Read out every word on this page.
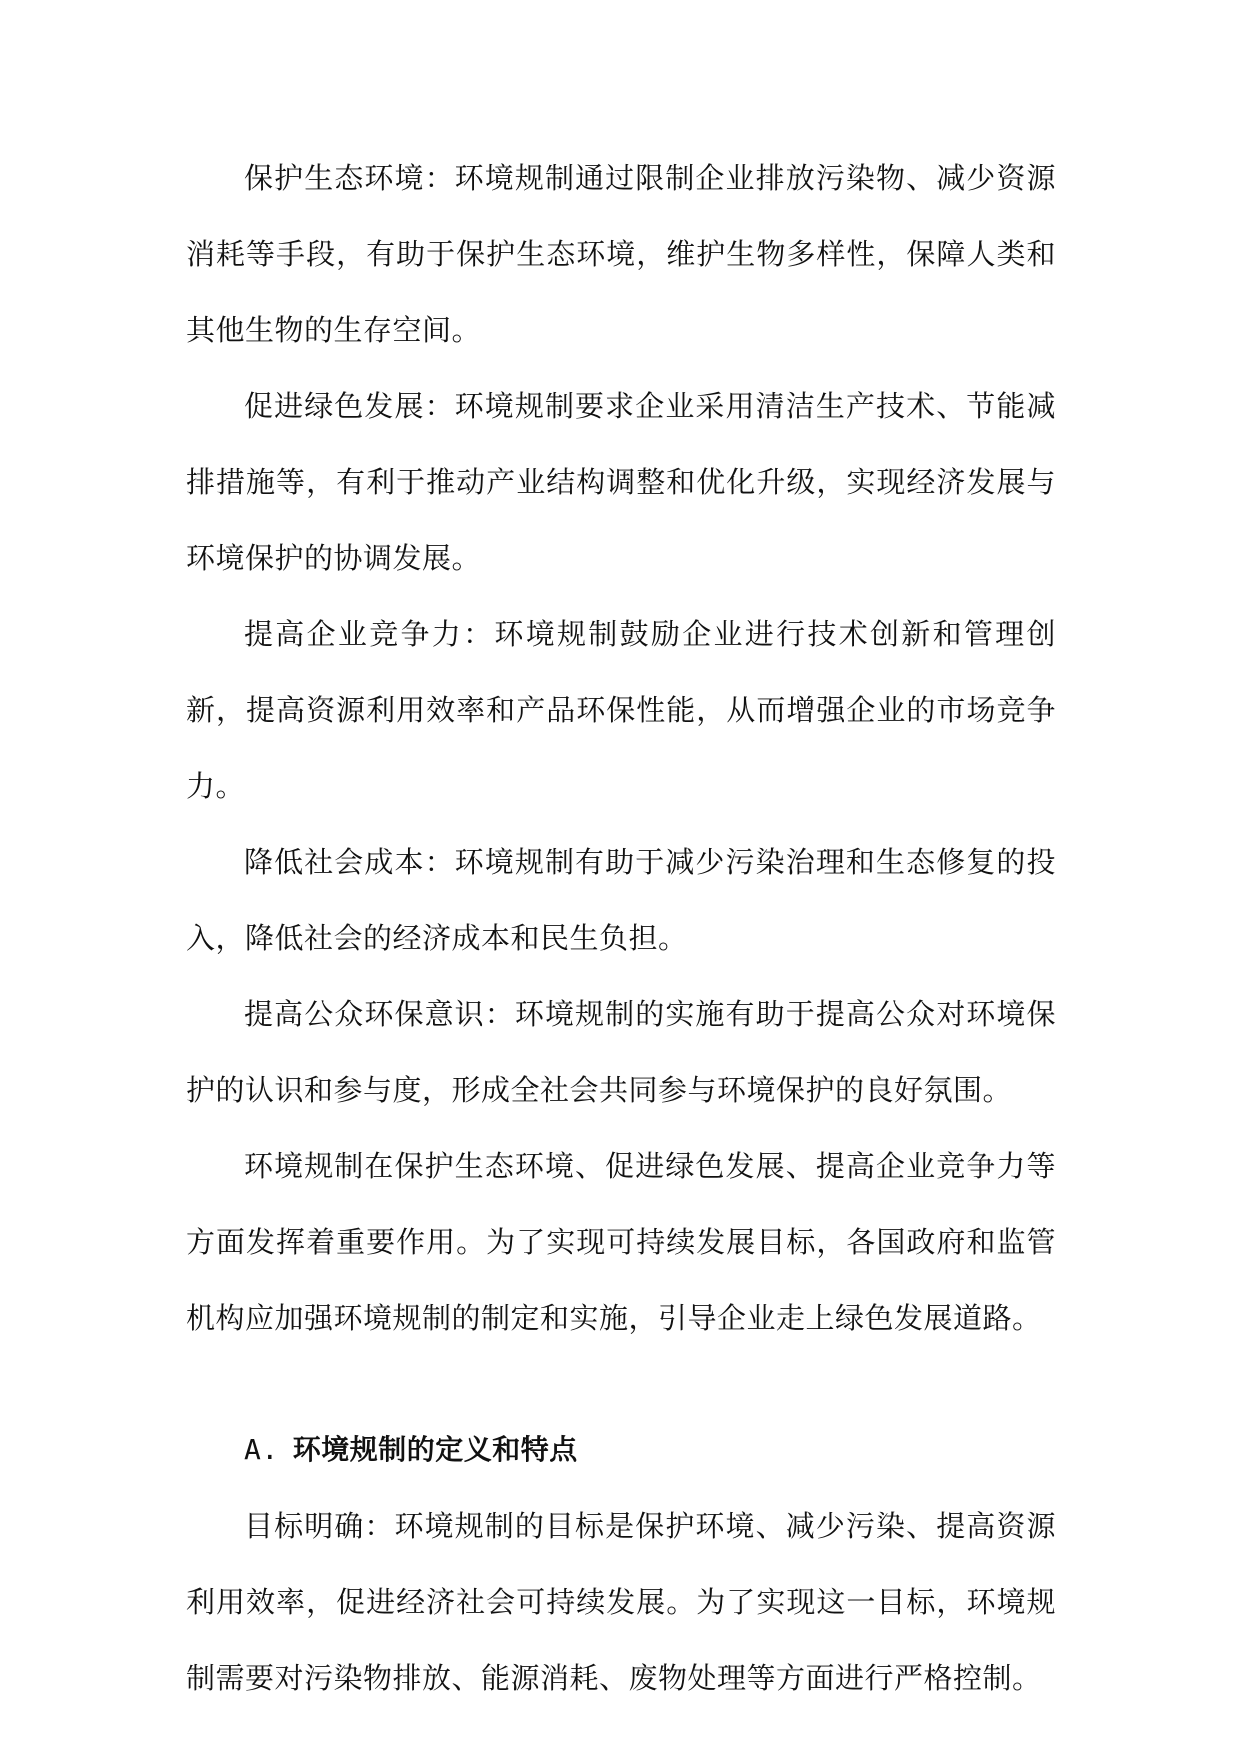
保护生态环境：环境规制通过限制企业排放污染物、减少资源消耗等手段，有助于保护生态环境，维护生物多样性，保障人类和其他生物的生存空间。

促进绿色发展：环境规制要求企业采用清洁生产技术、节能减排措施等，有利于推动产业结构调整和优化升级，实现经济发展与环境保护的协调发展。

提高企业竞争力：环境规制鼓励企业进行技术创新和管理创新，提高资源利用效率和产品环保性能，从而增强企业的市场竞争力。

降低社会成本：环境规制有助于减少污染治理和生态修复的投入，降低社会的经济成本和民生负担。

提高公众环保意识：环境规制的实施有助于提高公众对环境保护的认识和参与度，形成全社会共同参与环境保护的良好氛围。

环境规制在保护生态环境、促进绿色发展、提高企业竞争力等方面发挥着重要作用。为了实现可持续发展目标，各国政府和监管机构应加强环境规制的制定和实施，引导企业走上绿色发展道路。

A. 环境规制的定义和特点

目标明确：环境规制的目标是保护环境、减少污染、提高资源利用效率，促进经济社会可持续发展。为了实现这一目标，环境规制需要对污染物排放、能源消耗、废物处理等方面进行严格控制。
